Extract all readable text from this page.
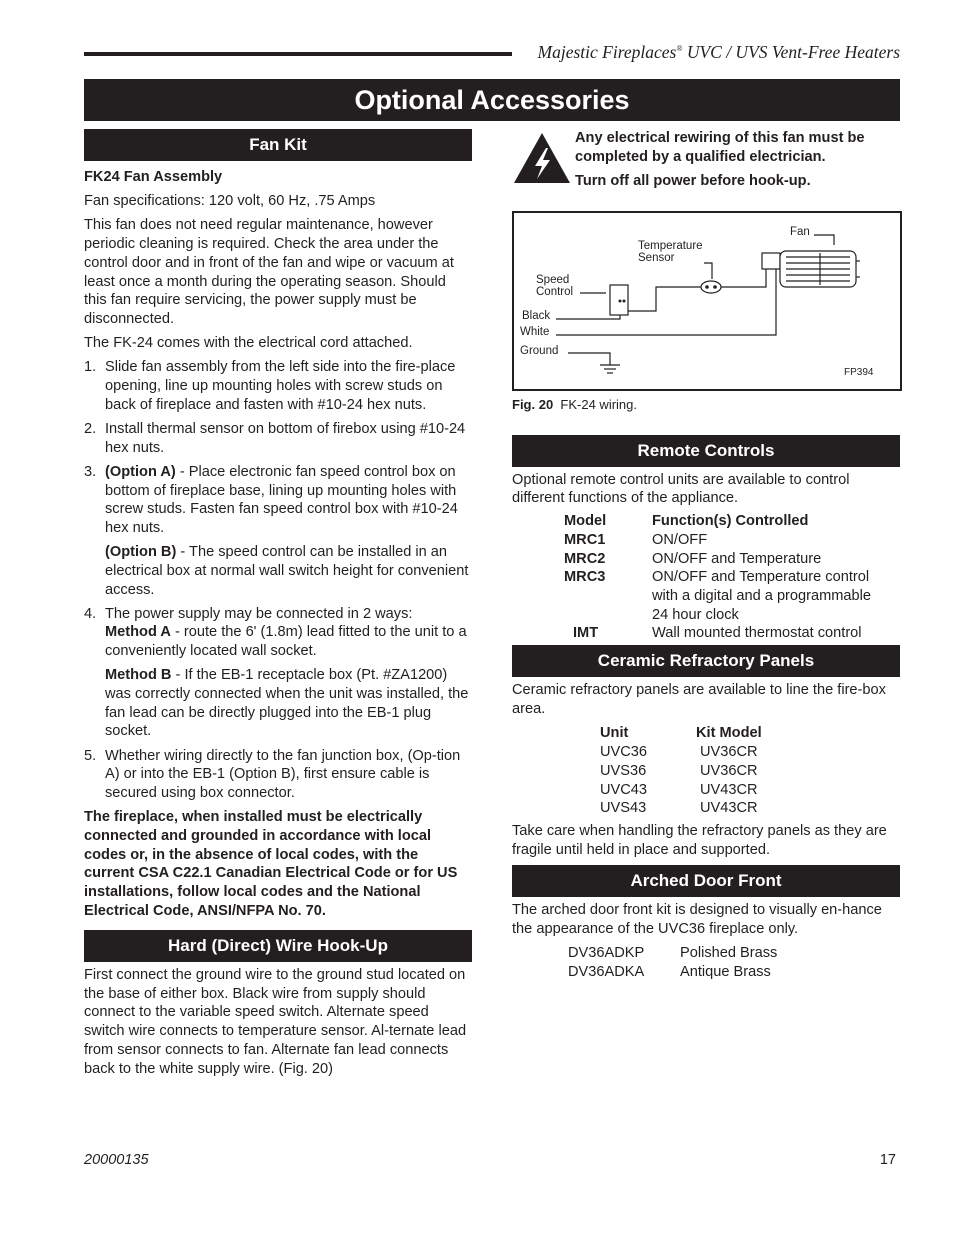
Majestic Fireplaces® UVC / UVS Vent-Free Heaters
Optional Accessories
Fan Kit

FK24 Fan Assembly

Fan specifications: 120 volt, 60 Hz, .75 Amps

This fan does not need regular maintenance, however periodic cleaning is required. Check the area under the control door and in front of the fan and wipe or vacuum at least once a month during the operating season. Should this fan require servicing, the power supply must be disconnected.

The FK-24 comes with the electrical cord attached.

1. Slide fan assembly from the left side into the fire-place opening, line up mounting holes with screw studs on back of fireplace and fasten with #10-24 hex nuts.
2. Install thermal sensor on bottom of firebox using #10-24 hex nuts.
3. (Option A) - Place electronic fan speed control box on bottom of fireplace base, lining up mounting holes with screw studs. Fasten fan speed control box with #10-24 hex nuts.

(Option B) - The speed control can be installed in an electrical box at normal wall switch height for convenient access.

4. The power supply may be connected in 2 ways:
Method A - route the 6' (1.8m) lead fitted to the unit to a conveniently located wall socket.

Method B - If the EB-1 receptacle box (Pt. #ZA1200) was correctly connected when the unit was installed, the fan lead can be directly plugged into the EB-1 plug socket.

5. Whether wiring directly to the fan junction box, (Op-tion A) or into the EB-1 (Option B), first ensure cable is secured using box connector.

The fireplace, when installed must be electrically connected and grounded in accordance with local codes or, in the absence of local codes, with the current CSA C22.1 Canadian Electrical Code or for US installations, follow local codes and the National Electrical Code, ANSI/NFPA No. 70.

Hard (Direct) Wire Hook-Up

First connect the ground wire to the ground stud located on the base of either box. Black wire from supply should connect to the variable speed switch. Alternate speed switch wire connects to temperature sensor. Al-ternate lead from sensor connects to fan. Alternate fan lead connects back to the white supply wire. (Fig. 20)

Any electrical rewiring of this fan must be completed by a qualified electrician.

Turn off all power before hook-up.

Fan
Temperature
Sensor
Speed
Control
Black
White
Ground
FP394

Fig. 20 FK-24 wiring.

Remote Controls

Optional remote control units are available to control different functions of the appliance.

Model	Function(s) Controlled
MRC1	ON/OFF
MRC2	ON/OFF and Temperature
MRC3	ON/OFF and Temperature control with a digital and a programmable 24 hour clock
IMT	Wall mounted thermostat control
Ceramic Refractory Panels

Ceramic refractory panels are available to line the fire-box area.

Unit	Kit Model
UVC36	UV36CR
UVS36	UV36CR
UVC43	UV43CR
UVS43	UV43CR

Take care when handling the refractory panels as they are fragile until held in place and supported.

Arched Door Front

The arched door front kit is designed to visually en-hance the appearance of the UVC36 fireplace only.

DV36ADKP	Polished Brass
DV36ADKA	Antique Brass
20000135	17
